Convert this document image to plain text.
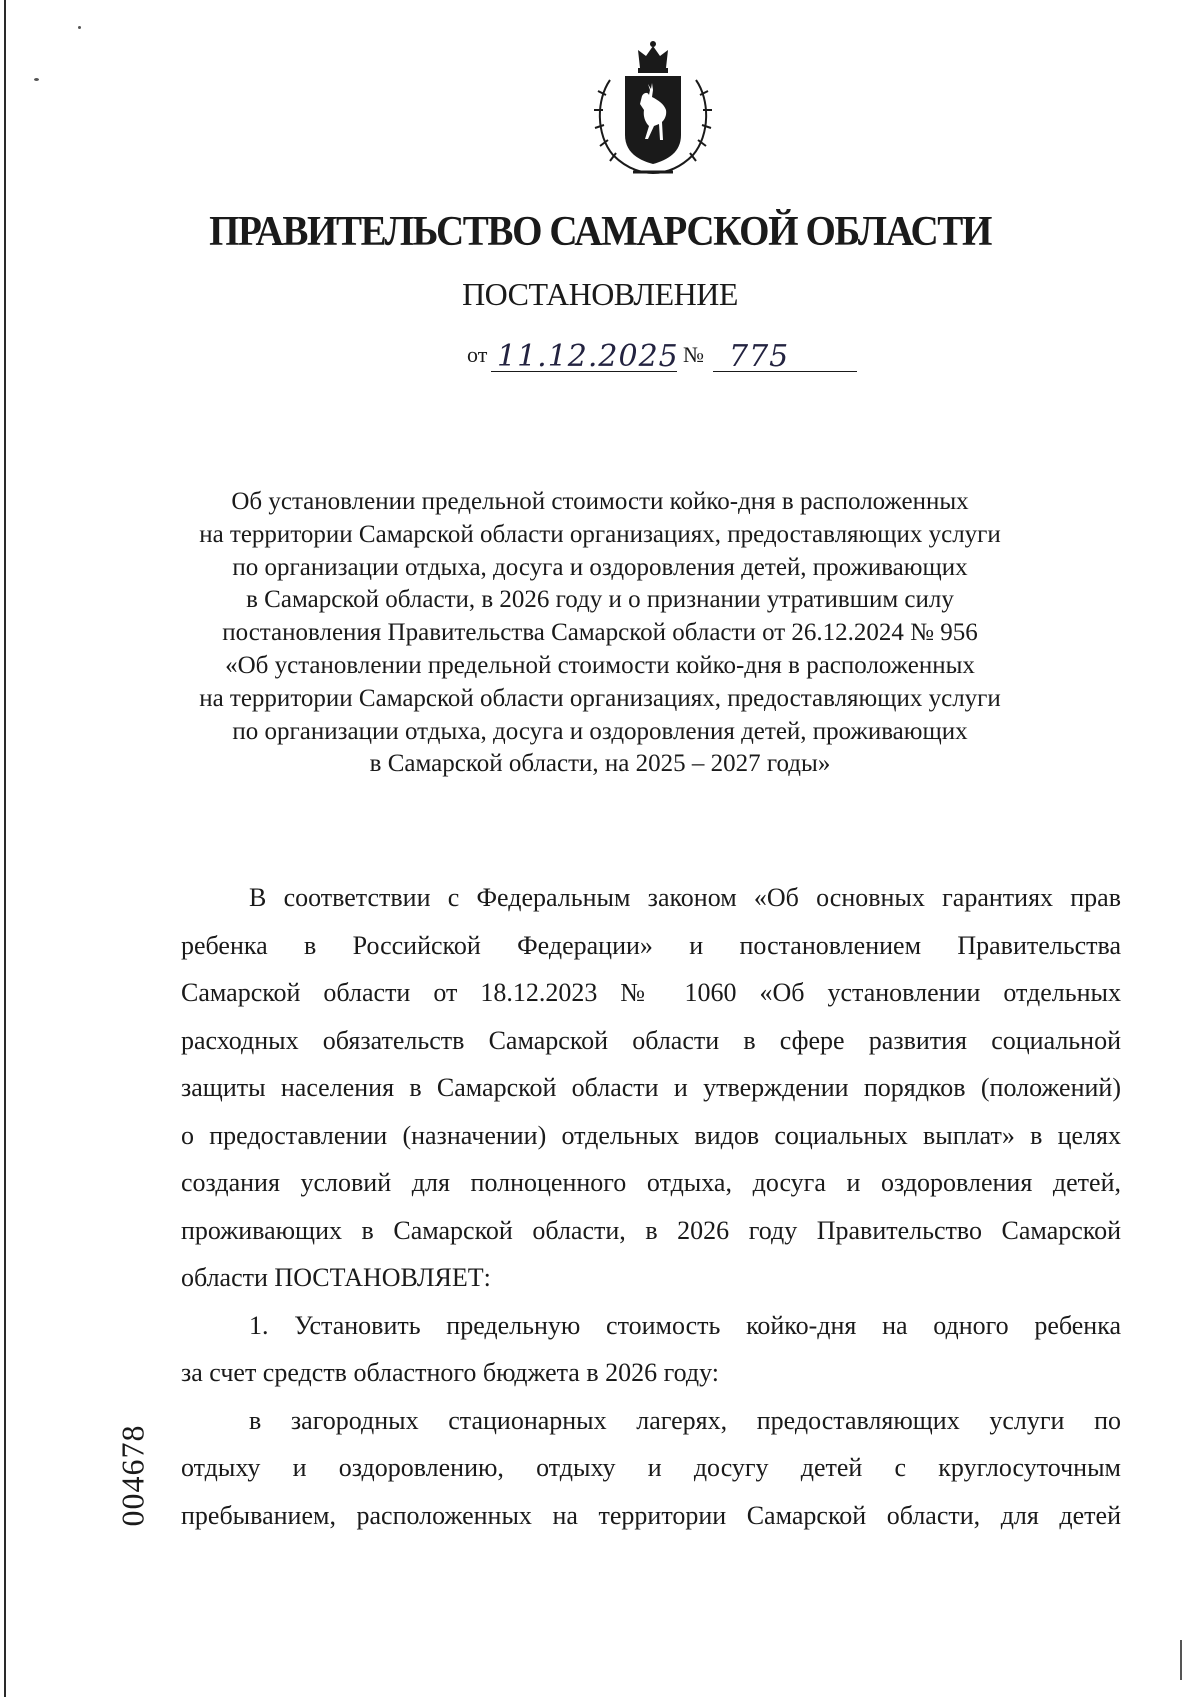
ПРАВИТЕЛЬСТВО САМАРСКОЙ ОБЛАСТИ
ПОСТАНОВЛЕНИЕ
от 11.12.2025 № 775
Об установлении предельной стоимости койко-дня в расположенных
на территории Самарской области организациях, предоставляющих услуги
по организации отдыха, досуга и оздоровления детей, проживающих
в Самарской области, в 2026 году и о признании утратившим силу
постановления Правительства Самарской области от 26.12.2024 № 956
«Об установлении предельной стоимости койко-дня в расположенных
на территории Самарской области организациях, предоставляющих услуги
по организации отдыха, досуга и оздоровления детей, проживающих
в Самарской области, на 2025 – 2027 годы»

В соответствии с Федеральным законом «Об основных гарантиях прав
ребенка в Российской Федерации» и постановлением Правительства
Самарской области от 18.12.2023 № 1060 «Об установлении отдельных
расходных обязательств Самарской области в сфере развития социальной
защиты населения в Самарской области и утверждении порядков (положений)
о предоставлении (назначении) отдельных видов социальных выплат» в целях
создания условий для полноценного отдыха, досуга и оздоровления детей,
проживающих в Самарской области, в 2026 году Правительство Самарской
области ПОСТАНОВЛЯЕТ:

1. Установить предельную стоимость койко-дня на одного ребенка
за счет средств областного бюджета в 2026 году:

в загородных стационарных лагерях, предоставляющих услуги по
отдыху и оздоровлению, отдыху и досугу детей с круглосуточным
пребыванием, расположенных на территории Самарской области, для детей

004678
